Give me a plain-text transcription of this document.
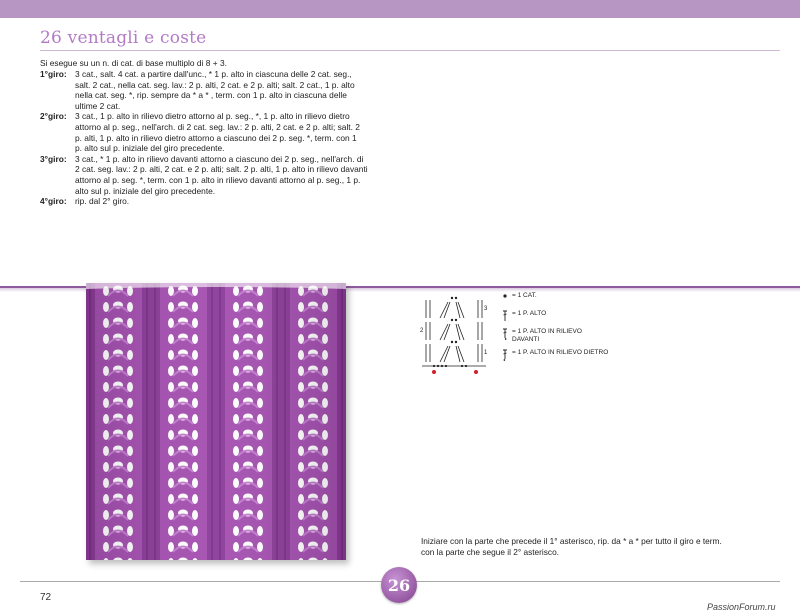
26 ventagli e coste
Si esegue su un n. di cat. di base multiplo di 8 + 3.
1°giro: 3 cat., salt. 4 cat. a partire dall'unc., * 1 p. alto in ciascuna delle 2 cat. seg.,
salt. 2 cat., nella cat. seg. lav.: 2 p. alti, 2 cat. e 2 p. alti; salt. 2 cat., 1 p. alto
nella cat. seg. *, rip. sempre da * a * , term. con 1 p. alto in ciascuna delle
ultime 2 cat.
2°giro: 3 cat., 1 p. alto in rilievo dietro attorno al p. seg., *, 1 p. alto in rilievo dietro
attorno al p. seg., nell'arch. di 2 cat. seg. lav.: 2 p. alti, 2 cat. e 2 p. alti; salt. 2
p. alti, 1 p. alto in rilievo dietro attorno a ciascuno dei 2 p. seg. *, term. con 1
p. alto sul p. iniziale del giro precedente.
3°giro: 3 cat., * 1 p. alto in rilievo davanti attorno a ciascuno dei 2 p. seg., nell'arch. di
2 cat. seg. lav.: 2 p. alti, 2 cat. e 2 p. alti; salt. 2 p. alti, 1 p. alto in rilievo davanti
attorno al p. seg. *, term. con 1 p. alto in rilievo davanti attorno al p. seg., 1 p.
alto sul p. iniziale del giro precedente.
4°giro: rip. dal 2° giro.
3
2
1
= 1 CAT.
= 1 P. ALTO
= 1 P. ALTO IN RILIEVO DAVANTI
= 1 P. ALTO IN RILIEVO DIETRO
Iniziare con la parte che precede il 1° asterisco, rip. da * a * per tutto il giro e term.
con la parte che segue il 2° asterisco.
26
72
PassionForum.ru
